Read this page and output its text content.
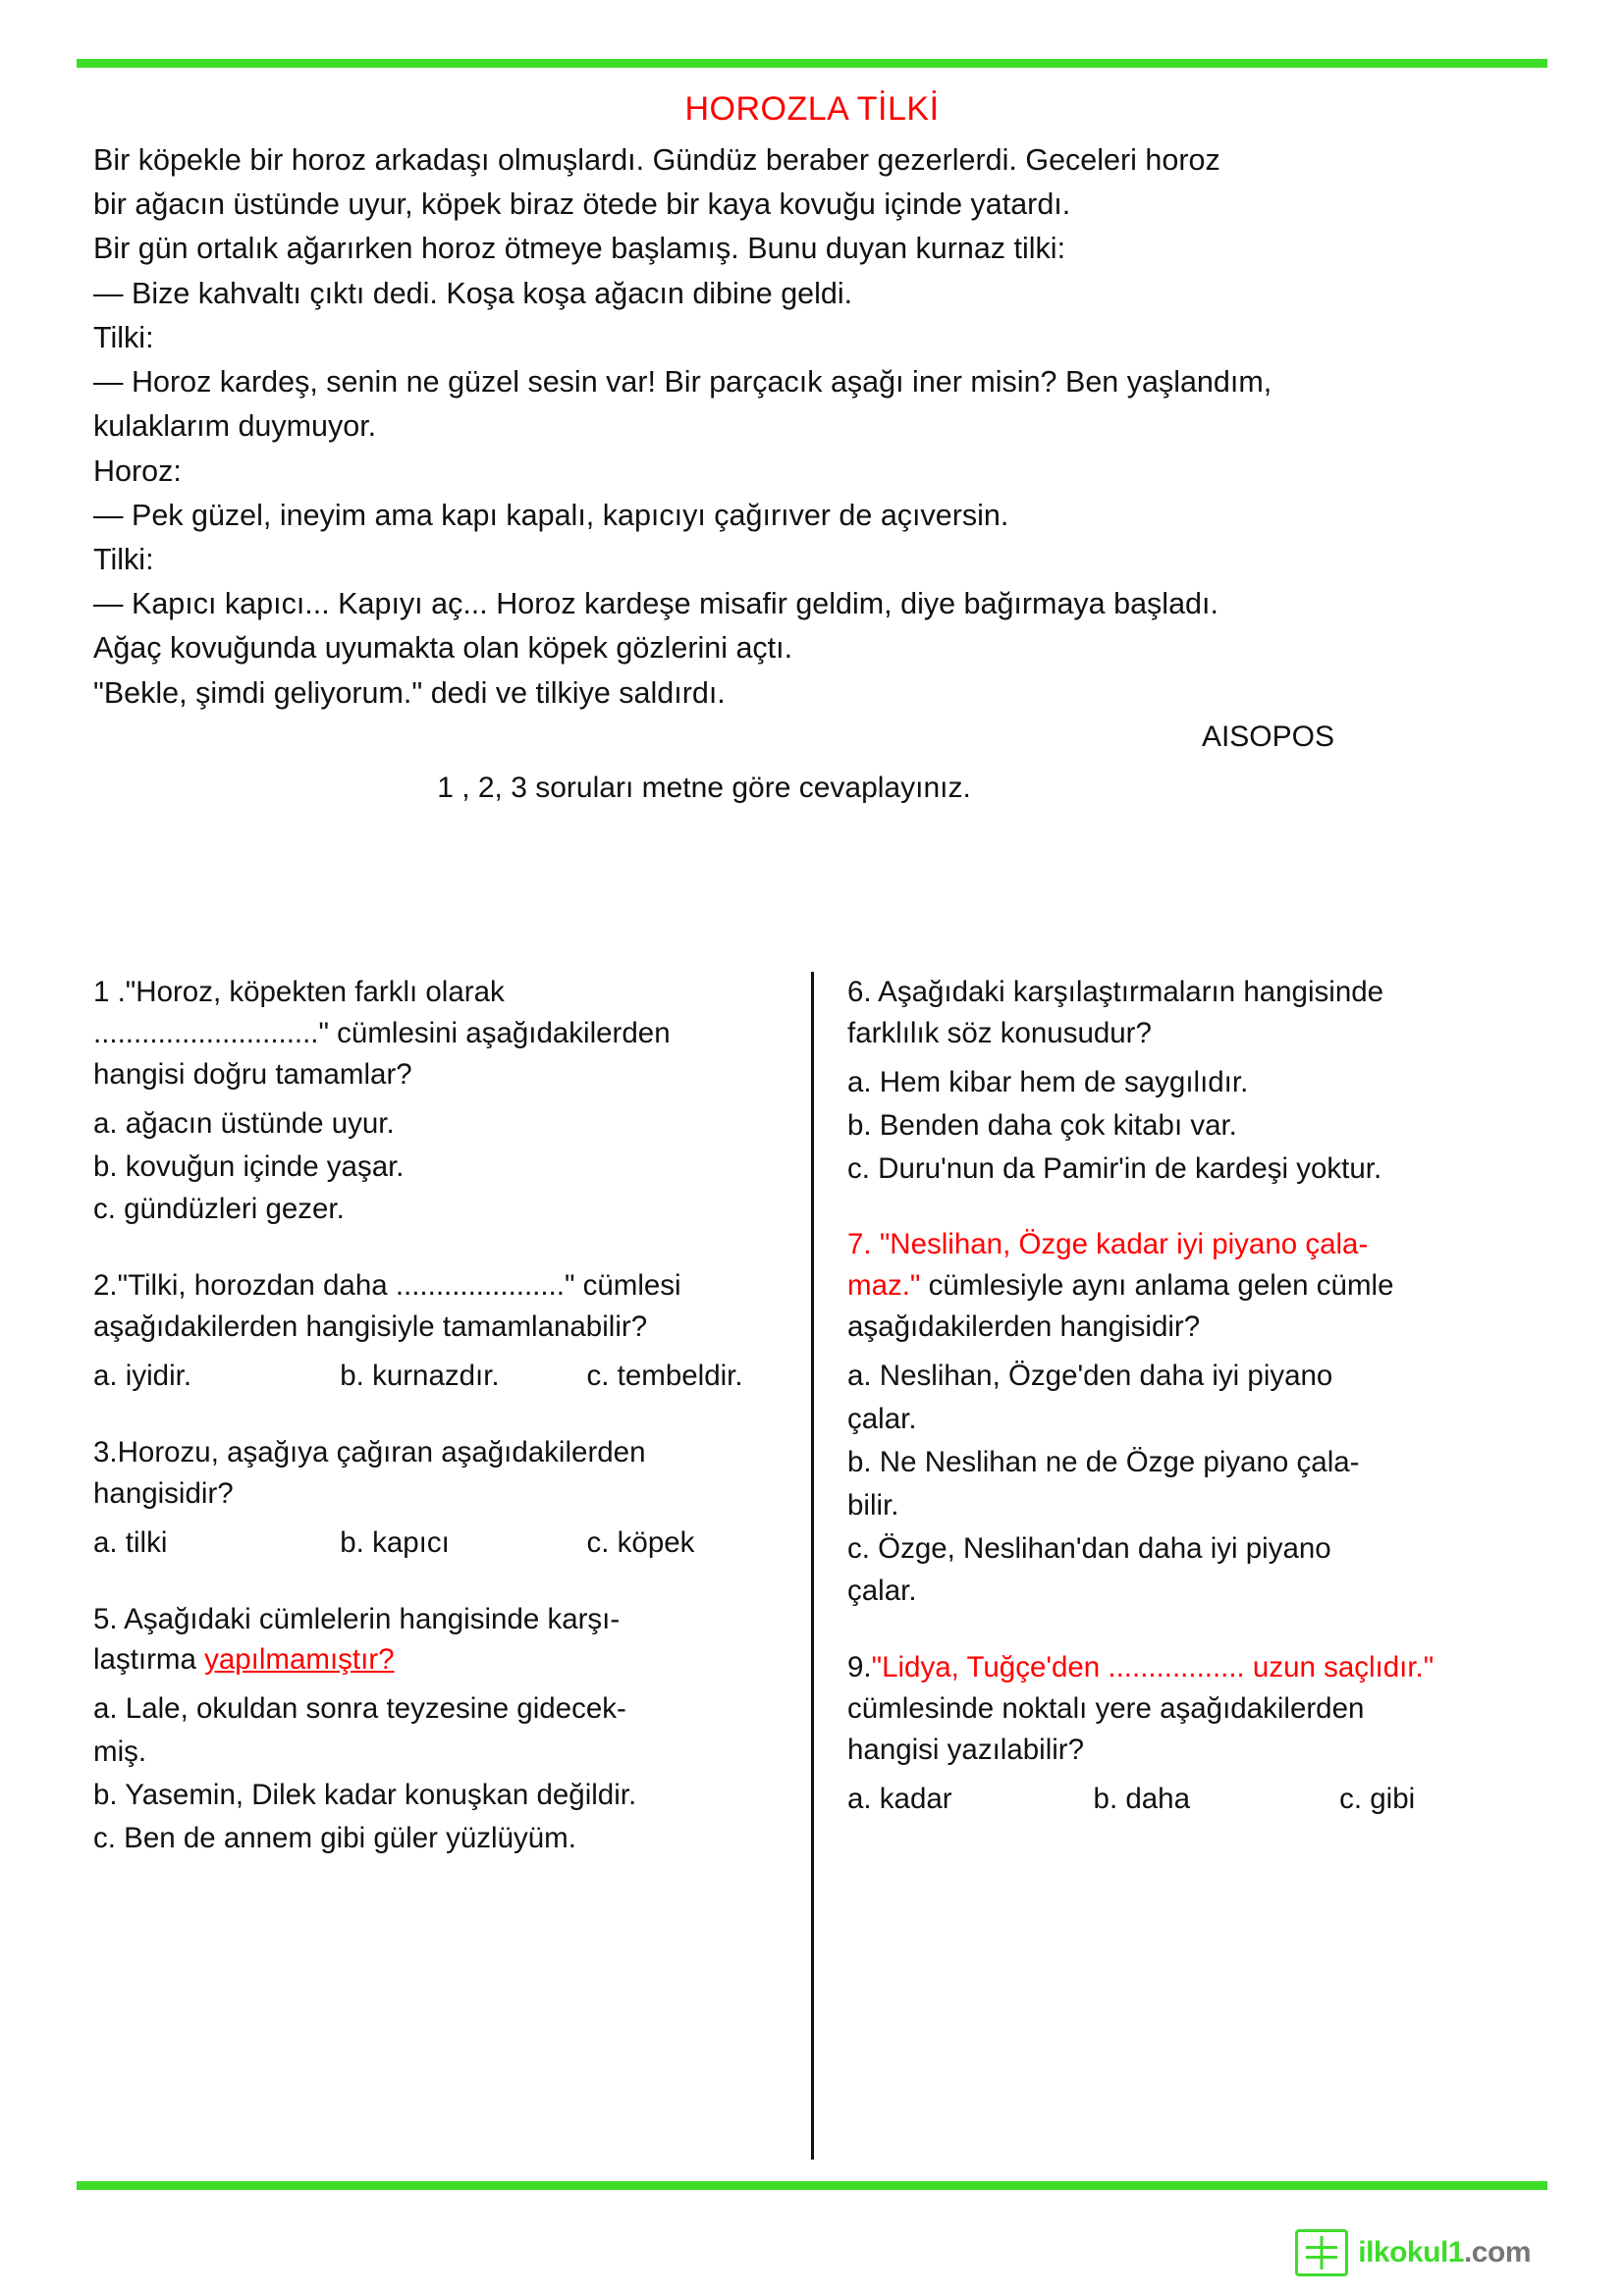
HOROZLA TİLKİ

Bir köpekle bir horoz arkadaşı olmuşlardı. Gündüz beraber gezerlerdi. Geceleri horoz

bir ağacın üstünde uyur, köpek biraz ötede bir kaya kovuğu içinde yatardı.

Bir gün ortalık ağarırken horoz ötmeye başlamış. Bunu duyan kurnaz tilki:

— Bize kahvaltı çıktı dedi. Koşa koşa ağacın dibine geldi.

Tilki:

— Horoz kardeş, senin ne güzel sesin var! Bir parçacık aşağı iner misin? Ben yaşlandım,

kulaklarım duymuyor.

Horoz:

— Pek güzel, ineyim ama kapı kapalı, kapıcıyı çağırıver de açıversin.

Tilki:

— Kapıcı kapıcı... Kapıyı aç... Horoz kardeşe misafir geldim, diye bağırmaya başladı.

Ağaç kovuğunda uyumakta olan köpek gözlerini açtı.

"Bekle, şimdi geliyorum." dedi ve tilkiye saldırdı.

AISOPOS
1 , 2, 3 soruları metne göre cevaplayınız.
1 ."Horoz, köpekten farklı olarak
............................" cümlesini aşağıdakilerden
hangisi doğru tamamlar?
a. ağacın üstünde uyur.
b. kovuğun içinde yaşar.
c. gündüzleri gezer.
2."Tilki, horozdan daha ....................." cümlesi
aşağıdakilerden hangisiyle tamamlanabilir?
a. iyidir.	b. kurnazdır.	c. tembeldir.
3.Horozu, aşağıya çağıran aşağıdakilerden
hangisidir?
a. tilki	b. kapıcı	c. köpek
5. Aşağıdaki cümlelerin hangisinde karşı-
laştırma yapılmamıştır?
a. Lale, okuldan sonra teyzesine gidecek-
miş.
b. Yasemin, Dilek kadar konuşkan değildir.
c. Ben de annem gibi güler yüzlüyüm.
6. Aşağıdaki karşılaştırmaların hangisinde
farklılık söz konusudur?
a. Hem kibar hem de saygılıdır.
b. Benden daha çok kitabı var.
c. Duru'nun da Pamir'in de kardeşi yoktur.
7. "Neslihan, Özge kadar iyi piyano çala-
maz." cümlesiyle aynı anlama gelen cümle
aşağıdakilerden hangisidir?
a. Neslihan, Özge'den daha iyi piyano
çalar.
b. Ne Neslihan ne de Özge piyano çala-
bilir.
c. Özge, Neslihan'dan daha iyi piyano
çalar.
9."Lidya, Tuğçe'den ................. uzun saçlıdır."
cümlesinde noktalı yere aşağıdakilerden
hangisi yazılabilir?
a. kadar	b. daha	c. gibi
ilkokul1.com
